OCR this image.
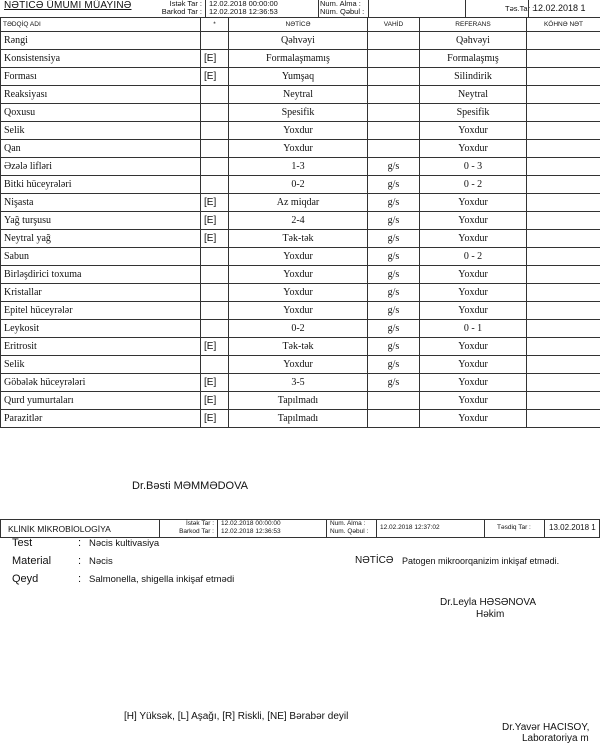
NƏTİCƏ ÜMUMİ MÜAYİNƏ	İstək Tar :
Barkod Tar :
12.02.2018 00:00:00
12.02.2018 12:36:53
Num. Alma :
Nüm. Qəbul :	Təs.Tar :
12.02.2018 1
TƏDQİQ ADI	*	NƏTİCƏ	VAHİD	REFERANS	KÖHNƏ NƏT
Rəngi		Qəhvəyi		Qəhvəyi	
Konsistensiya	[E]	Formalaşmamış		Formalaşmış	
Forması	[E]	Yumşaq		Silindirik	
Reaksiyası		Neytral		Neytral	
Qoxusu		Spesifik		Spesifik	
Selik		Yoxdur		Yoxdur	
Qan		Yoxdur		Yoxdur	
Əzələ lifləri		1-3	g/s	0 - 3	
Bitki hüceyrələri		0-2	g/s	0 - 2	
Nişasta	[E]	Az miqdar	g/s	Yoxdur	
Yağ turşusu	[E]	2-4	g/s	Yoxdur	
Neytral yağ	[E]	Tək-tək	g/s	Yoxdur	
Sabun		Yoxdur	g/s	0 - 2	
Birləşdirici toxuma		Yoxdur	g/s	Yoxdur	
Kristallar		Yoxdur	g/s	Yoxdur	
Epitel hüceyrələr		Yoxdur	g/s	Yoxdur	
Leykosit		0-2	g/s	0 - 1	
Eritrosit	[E]	Tək-tək	g/s	Yoxdur	
Selik		Yoxdur	g/s	Yoxdur	
Göbələk hüceyrələri	[E]	3-5	g/s	Yoxdur	
Qurd yumurtaları	[E]	Tapılmadı		Yoxdur	
Parazitlər	[E]	Tapılmadı		Yoxdur	
Dr.Bəsti MƏMMƏDOVA
KLİNİK MİKROBİOLOGİYA
İstək Tar :
Barkod Tar :
12.02.2018 00:00:00
12.02.2018 12:36:53
Num. Alma :
Num. Qəbul :
12.02.2018 12:37:02	Təsdiq Tar : 13.02.2018 1
Test	: Nəcis kultivasiya
Material : Nəcis	NƏTİCƏ Patogen mikroorqanizim inkişaf etmədi.
Qeyd	: Salmonella, shigella inkişaf etmədi
Dr.Leyla HƏSƏNOVA
Həkim
[H] Yüksək, [L] Aşağı, [R] Riskli, [NE] Bərabər deyil
Dr.Yavər HACISOY,
Laboratoriya m
